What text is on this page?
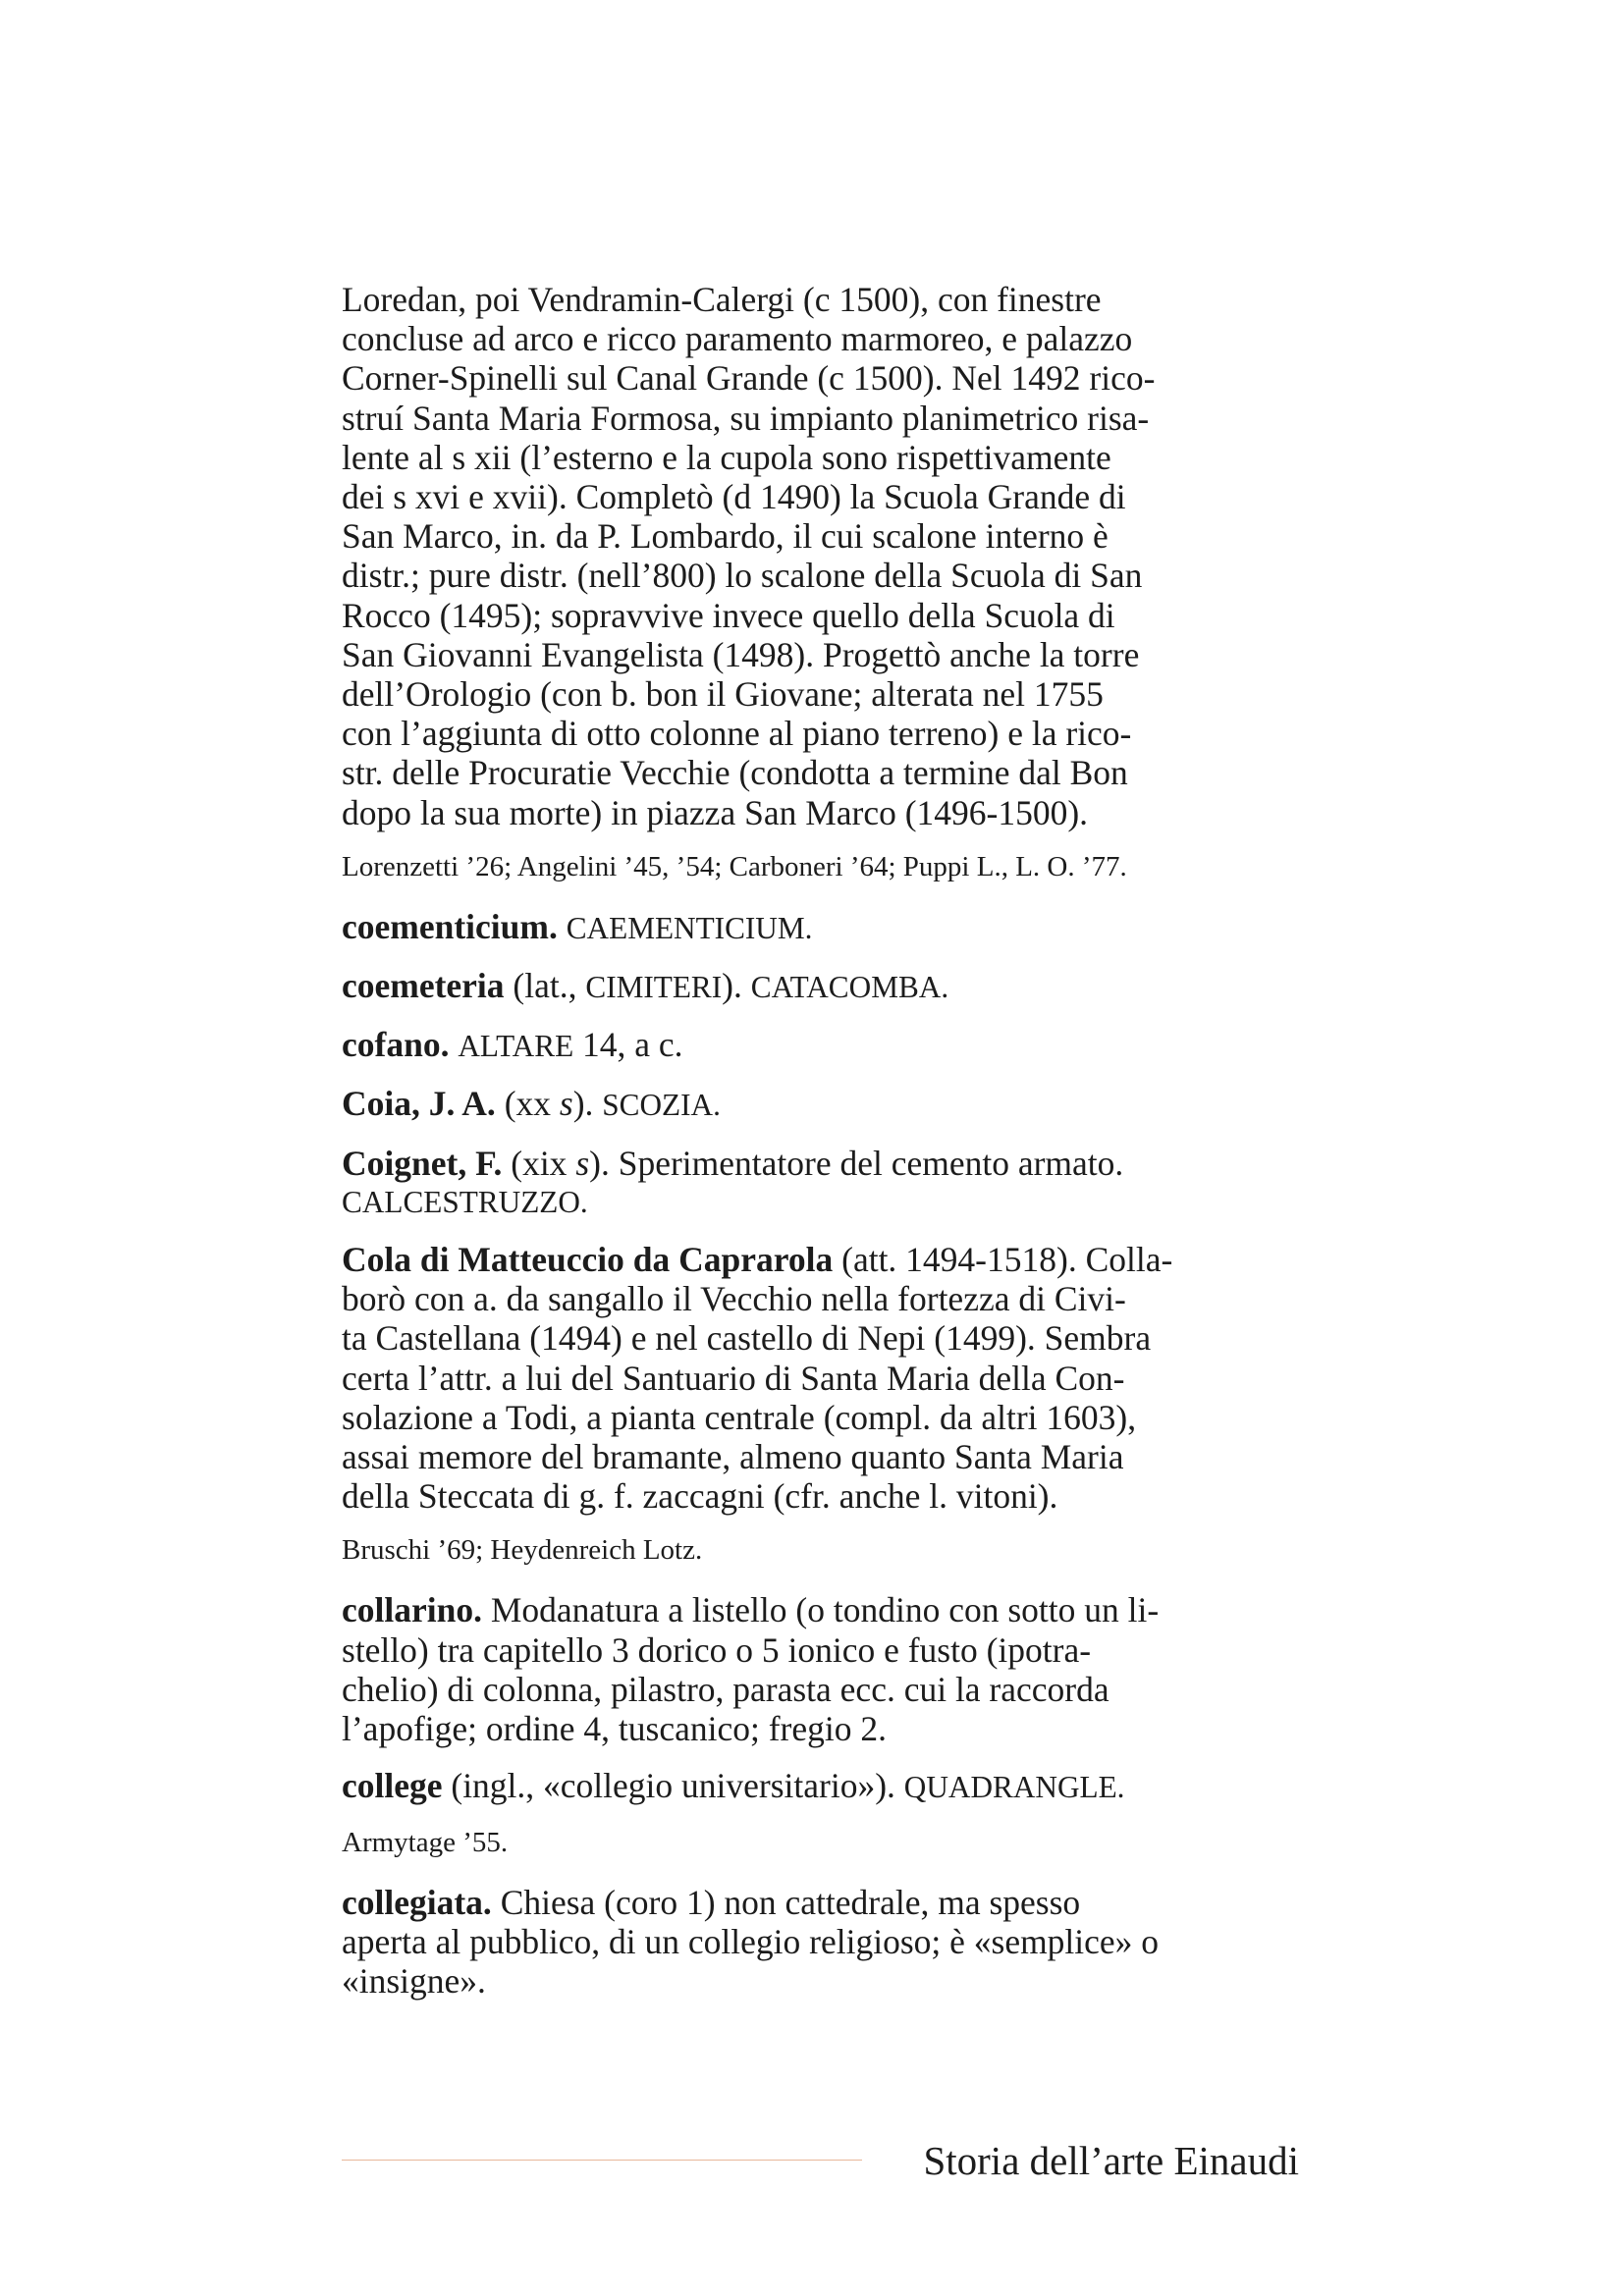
Loredan, poi Vendramin-Calergi (c 1500), con finestre
concluse ad arco e ricco paramento marmoreo, e palazzo
Corner-Spinelli sul Canal Grande (c 1500). Nel 1492 rico-
struí Santa Maria Formosa, su impianto planimetrico risa-
lente al s xii (l’esterno e la cupola sono rispettivamente
dei s xvi e xvii). Completò (d 1490) la Scuola Grande di
San Marco, in. da P. Lombardo, il cui scalone interno è
distr.; pure distr. (nell’800) lo scalone della Scuola di San
Rocco (1495); sopravvive invece quello della Scuola di
San Giovanni Evangelista (1498). Progettò anche la torre
dell’Orologio (con b. bon il Giovane; alterata nel 1755
con l’aggiunta di otto colonne al piano terreno) e la rico-
str. delle Procuratie Vecchie (condotta a termine dal Bon
dopo la sua morte) in piazza San Marco (1496-1500).
Lorenzetti ’26; Angelini ’45, ’54; Carboneri ’64; Puppi L., L. O. ’77.
coementicium. CAEMENTICIUM.
coemeteria (lat., CIMITERI). CATACOMBA.
cofano. ALTARE 14, a c.
Coia, J. A. (xx s). SCOZIA.
Coignet, F. (xix s). Sperimentatore del cemento armato.
CALCESTRUZZO.
Cola di Matteuccio da Caprarola (att. 1494-1518). Colla-
borò con a. da sangallo il Vecchio nella fortezza di Civi-
ta Castellana (1494) e nel castello di Nepi (1499). Sembra
certa l’attr. a lui del Santuario di Santa Maria della Con-
solazione a Todi, a pianta centrale (compl. da altri 1603),
assai memore del bramante, almeno quanto Santa Maria
della Steccata di g. f. zaccagni (cfr. anche l. vitoni).
Bruschi ’69; Heydenreich Lotz.
collarino. Modanatura a listello (o tondino con sotto un li-
stello) tra capitello 3 dorico o 5 ionico e fusto (ipotra-
chelio) di colonna, pilastro, parasta ecc. cui la raccorda
l’apofige; ordine 4, tuscanico; fregio 2.
college (ingl., «collegio universitario»). QUADRANGLE.
Armytage ’55.
collegiata. Chiesa (coro 1) non cattedrale, ma spesso
aperta al pubblico, di un collegio religioso; è «semplice» o
«insigne».
Storia dell’arte Einaudi
